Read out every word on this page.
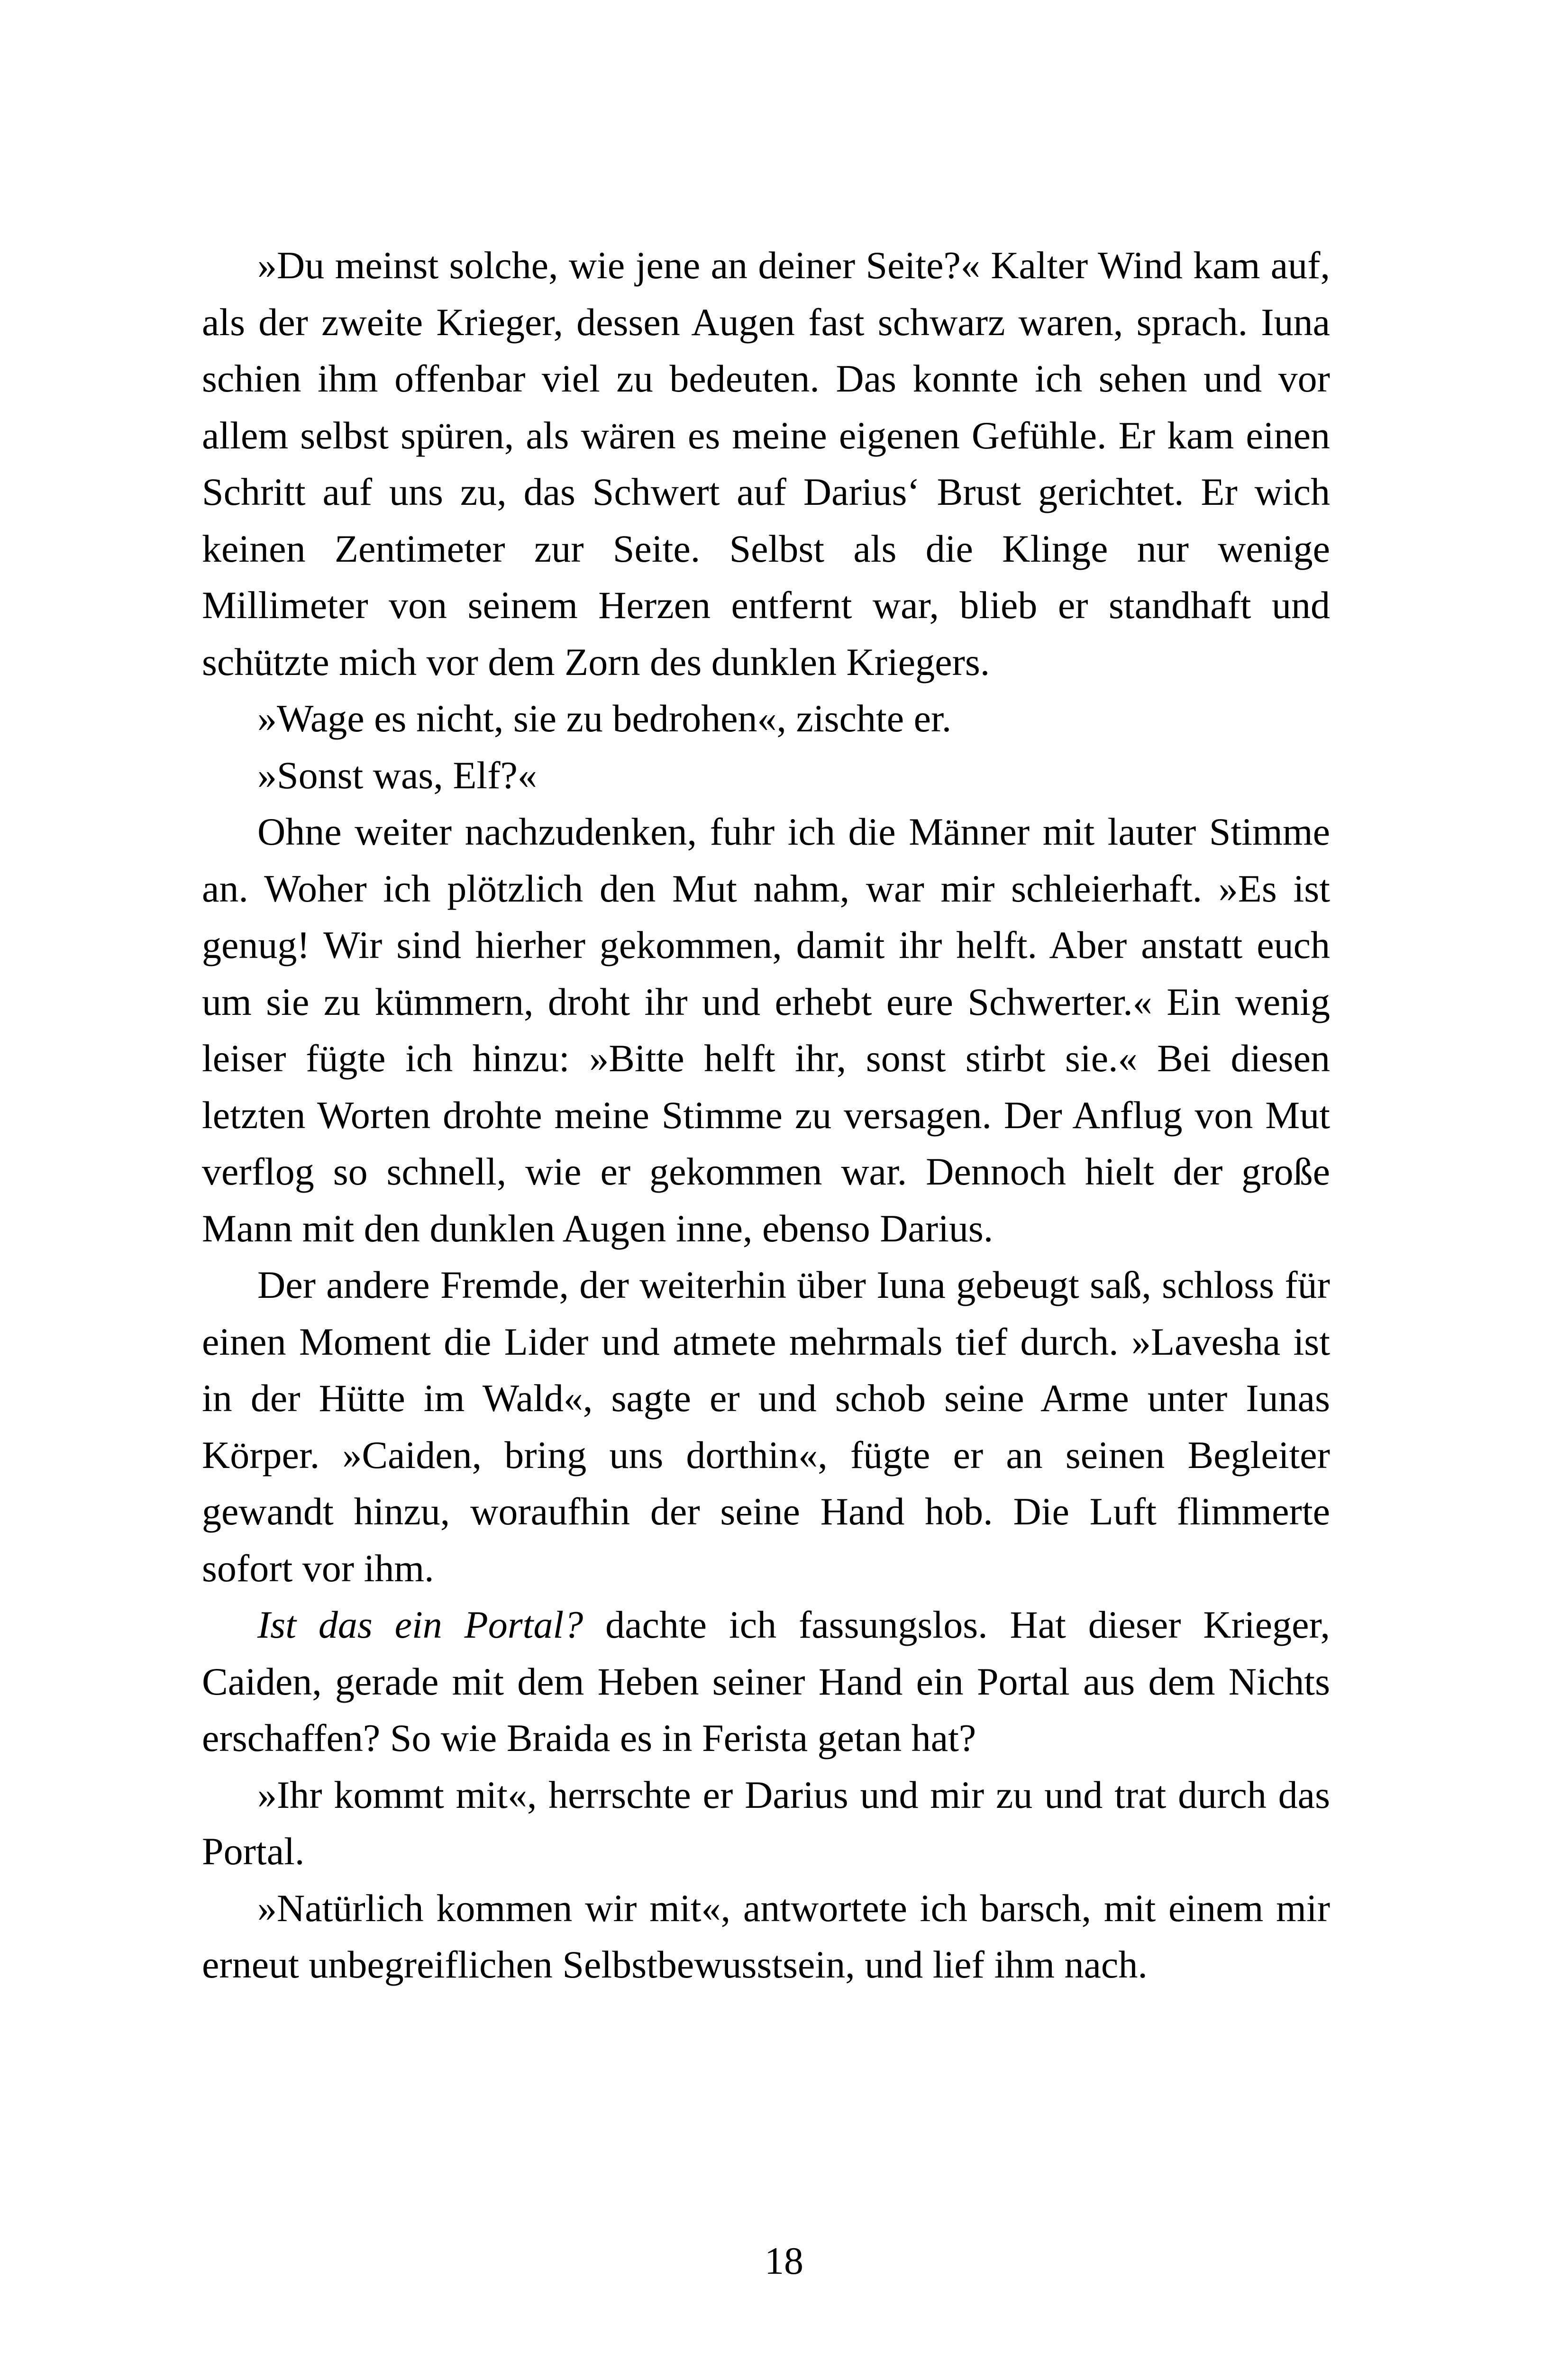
»Du meinst solche, wie jene an deiner Seite?« Kalter Wind kam auf, als der zweite Krieger, dessen Augen fast schwarz waren, sprach. Iuna schien ihm offenbar viel zu bedeuten. Das konnte ich sehen und vor allem selbst spüren, als wären es meine eigenen Gefühle. Er kam einen Schritt auf uns zu, das Schwert auf Darius‘ Brust gerichtet. Er wich keinen Zentimeter zur Seite. Selbst als die Klinge nur wenige Millimeter von seinem Herzen entfernt war, blieb er standhaft und schützte mich vor dem Zorn des dunklen Kriegers.

»Wage es nicht, sie zu bedrohen«, zischte er.

»Sonst was, Elf?«

Ohne weiter nachzudenken, fuhr ich die Männer mit lauter Stimme an. Woher ich plötzlich den Mut nahm, war mir schleierhaft. »Es ist genug! Wir sind hierher gekommen, damit ihr helft. Aber anstatt euch um sie zu kümmern, droht ihr und erhebt eure Schwerter.« Ein wenig leiser fügte ich hinzu: »Bitte helft ihr, sonst stirbt sie.« Bei diesen letzten Worten drohte meine Stimme zu versagen. Der Anflug von Mut verflog so schnell, wie er gekommen war. Dennoch hielt der große Mann mit den dunklen Augen inne, ebenso Darius.

Der andere Fremde, der weiterhin über Iuna gebeugt saß, schloss für einen Moment die Lider und atmete mehrmals tief durch. »Lavesha ist in der Hütte im Wald«, sagte er und schob seine Arme unter Iunas Körper. »Caiden, bring uns dorthin«, fügte er an seinen Begleiter gewandt hinzu, woraufhin der seine Hand hob. Die Luft flimmerte sofort vor ihm.

Ist das ein Portal? dachte ich fassungslos. Hat dieser Krieger, Caiden, gerade mit dem Heben seiner Hand ein Portal aus dem Nichts erschaffen? So wie Braida es in Ferista getan hat?

»Ihr kommt mit«, herrschte er Darius und mir zu und trat durch das Portal.

»Natürlich kommen wir mit«, antwortete ich barsch, mit einem mir erneut unbegreiflichen Selbstbewusstsein, und lief ihm nach.

18
